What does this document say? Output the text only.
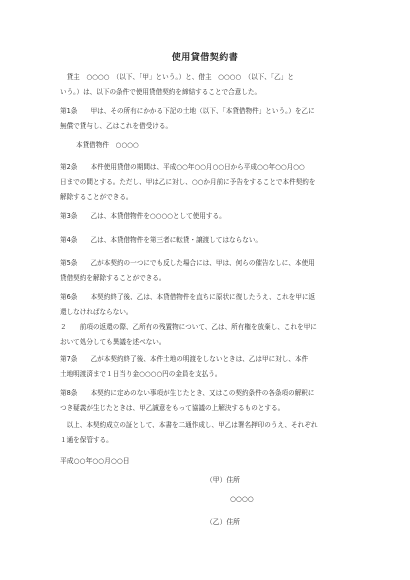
使用貸借契約書
　貸主　○○○○　（以下、「甲」という。）と、借主　○○○○　（以下、「乙」と
いう。）は、以下の条件で使用貸借契約を締結することで合意した。
第1条　　甲は、その所有にかかる下記の土地（以下、「本貸借物件」という。）を乙に
無償で貸与し、乙はこれを借受ける。
本貸借物件　○○○○
第2条　　本件使用貸借の期間は、平成○○年○○月○○日から平成○○年○○月○○
日までの間とする。ただし、甲は乙に対し、○○か月前に予告をすることで本件契約を
解除することができる。
第3条　　乙は、本貸借物件を○○○○として使用する。
第4条　　乙は、本貸借物件を第三者に転貸・譲渡してはならない。
第5条　　乙が本契約の一つにでも反した場合には、甲は、何らの催告なしに、本使用
貸借契約を解除することができる。
第6条　　本契約終了後、乙は、本貸借物件を直ちに原状に復したうえ、これを甲に返
還しなければならない。
２　　前項の返還の際、乙所有の残置物について、乙は、所有権を放棄し、これを甲に
おいて処分しても異議を述べない。
第7条　　乙が本契約終了後、本件土地の明渡をしないときは、乙は甲に対し、本件
土地明渡済まで１日当り金○○○○円の金員を支払う。
第8条　　本契約に定めのない事項が生じたとき、又はこの契約条件の各条項の解釈に
つき疑義が生じたときは、甲乙誠意をもって協議の上解決するものとする。
　以上、本契約成立の証として、本書を二通作成し、甲乙は署名押印のうえ、それぞれ
１通を保管する。
平成○○年○○月○○日
（甲）住所
○○○○
（乙）住所
